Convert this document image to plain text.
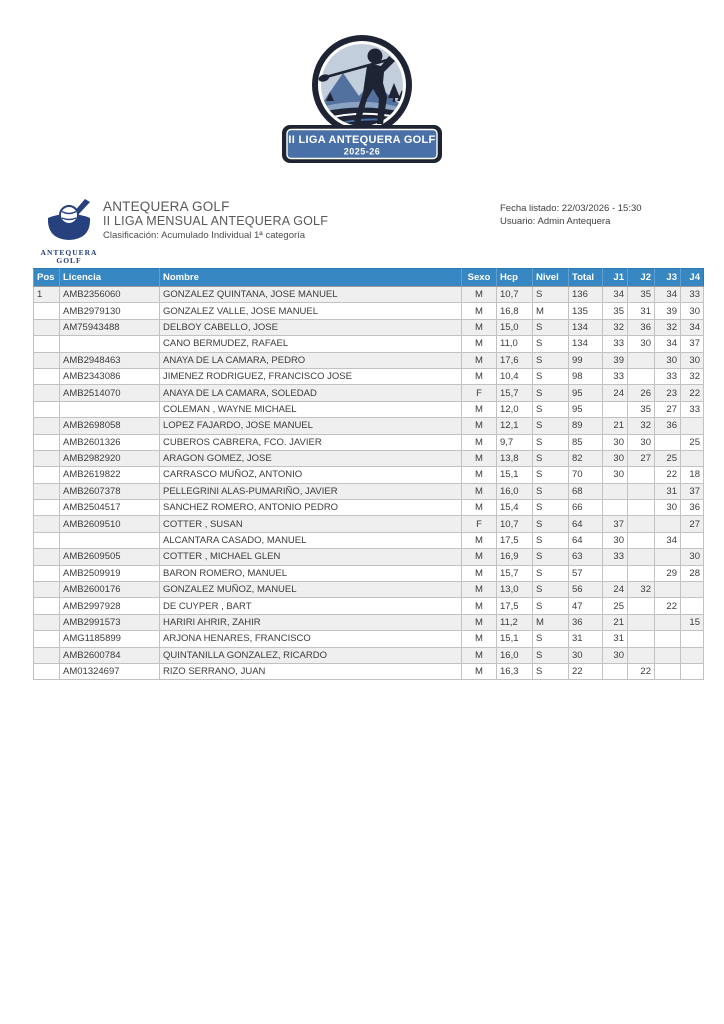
II LIGA ANTEQUERA GOLF
2025-26
ANTEQUERA
GOLF
ANTEQUERA GOLF
II LIGA MENSUAL ANTEQUERA GOLF
Clasificación: Acumulado Individual 1ª categoría
Fecha listado: 22/03/2026 - 15:30
Usuario: Admin Antequera
Pos	Licencia	Nombre	Sexo	Hcp	Nivel	Total	J1	J2	J3	J4
1	AMB2356060	GONZALEZ QUINTANA, JOSE MANUEL	M	10,7	S	136	34	35	34	33
	AMB2979130	GONZALEZ VALLE, JOSE MANUEL	M	16,8	M	135	35	31	39	30
	AM75943488	DELBOY CABELLO, JOSE	M	15,0	S	134	32	36	32	34
		CANO BERMUDEZ, RAFAEL	M	11,0	S	134	33	30	34	37
	AMB2948463	ANAYA DE LA CAMARA, PEDRO	M	17,6	S	99	39		30	30
	AMB2343086	JIMENEZ RODRIGUEZ, FRANCISCO JOSE	M	10,4	S	98	33		33	32
	AMB2514070	ANAYA DE LA CAMARA, SOLEDAD	F	15,7	S	95	24	26	23	22
		COLEMAN , WAYNE MICHAEL	M	12,0	S	95		35	27	33
	AMB2698058	LOPEZ FAJARDO, JOSE MANUEL	M	12,1	S	89	21	32	36	
	AMB2601326	CUBEROS CABRERA, FCO. JAVIER	M	9,7	S	85	30	30		25
	AMB2982920	ARAGON GOMEZ, JOSE	M	13,8	S	82	30	27	25	
	AMB2619822	CARRASCO MUÑOZ, ANTONIO	M	15,1	S	70	30		22	18
	AMB2607378	PELLEGRINI ALAS-PUMARIÑO, JAVIER	M	16,0	S	68			31	37
	AMB2504517	SANCHEZ ROMERO, ANTONIO PEDRO	M	15,4	S	66			30	36
	AMB2609510	COTTER , SUSAN	F	10,7	S	64	37			27
		ALCANTARA CASADO, MANUEL	M	17,5	S	64	30		34	
	AMB2609505	COTTER , MICHAEL GLEN	M	16,9	S	63	33			30
	AMB2509919	BARON ROMERO, MANUEL	M	15,7	S	57			29	28
	AMB2600176	GONZALEZ MUÑOZ, MANUEL	M	13,0	S	56	24	32		
	AMB2997928	DE CUYPER , BART	M	17,5	S	47	25		22	
	AMB2991573	HARIRI AHRIR, ZAHIR	M	11,2	M	36	21			15
	AMG1185899	ARJONA HENARES, FRANCISCO	M	15,1	S	31	31			
	AMB2600784	QUINTANILLA GONZALEZ, RICARDO	M	16,0	S	30	30			
	AM01324697	RIZO SERRANO, JUAN	M	16,3	S	22		22		
